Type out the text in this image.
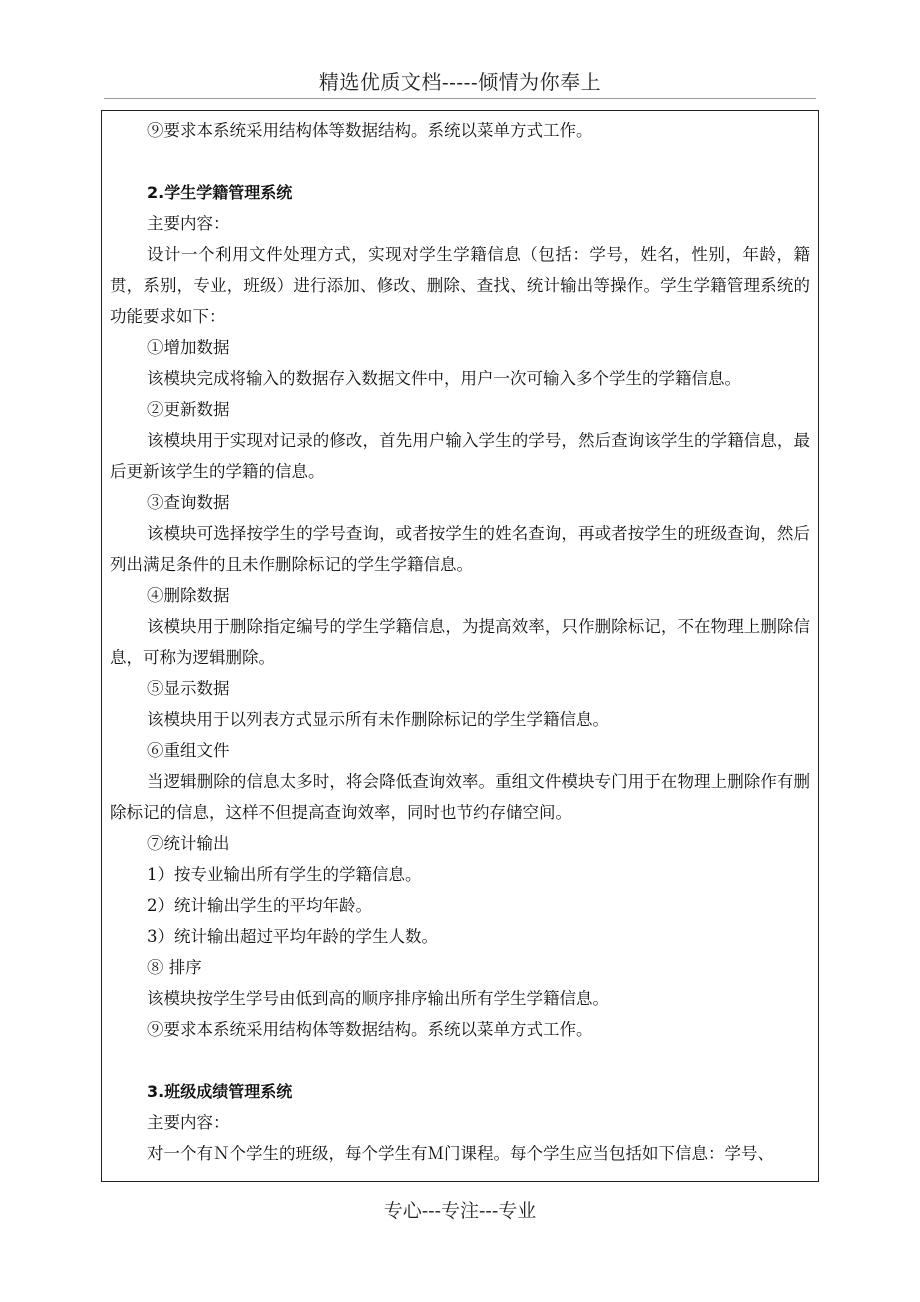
精选优质文档-----倾情为你奉上
⑨要求本系统采用结构体等数据结构。系统以菜单方式工作。
2.学生学籍管理系统
主要内容：
设计一个利用文件处理方式，实现对学生学籍信息（包括：学号，姓名，性别，年龄，籍贯，系别，专业，班级）进行添加、修改、删除、查找、统计输出等操作。学生学籍管理系统的功能要求如下：
①增加数据
该模块完成将输入的数据存入数据文件中，用户一次可输入多个学生的学籍信息。
②更新数据
该模块用于实现对记录的修改，首先用户输入学生的学号，然后查询该学生的学籍信息，最后更新该学生的学籍的信息。
③查询数据
该模块可选择按学生的学号查询，或者按学生的姓名查询，再或者按学生的班级查询，然后列出满足条件的且未作删除标记的学生学籍信息。
④删除数据
该模块用于删除指定编号的学生学籍信息，为提高效率，只作删除标记，不在物理上删除信息，可称为逻辑删除。
⑤显示数据
该模块用于以列表方式显示所有未作删除标记的学生学籍信息。
⑥重组文件
当逻辑删除的信息太多时，将会降低查询效率。重组文件模块专门用于在物理上删除作有删除标记的信息，这样不但提高查询效率，同时也节约存储空间。
⑦统计输出
1）按专业输出所有学生的学籍信息。
2）统计输出学生的平均年龄。
3）统计输出超过平均年龄的学生人数。
⑧ 排序
该模块按学生学号由低到高的顺序排序输出所有学生学籍信息。
⑨要求本系统采用结构体等数据结构。系统以菜单方式工作。
3.班级成绩管理系统
主要内容：
对一个有Ｎ个学生的班级，每个学生有Ｍ门课程。每个学生应当包括如下信息：学号、
专心---专注---专业
